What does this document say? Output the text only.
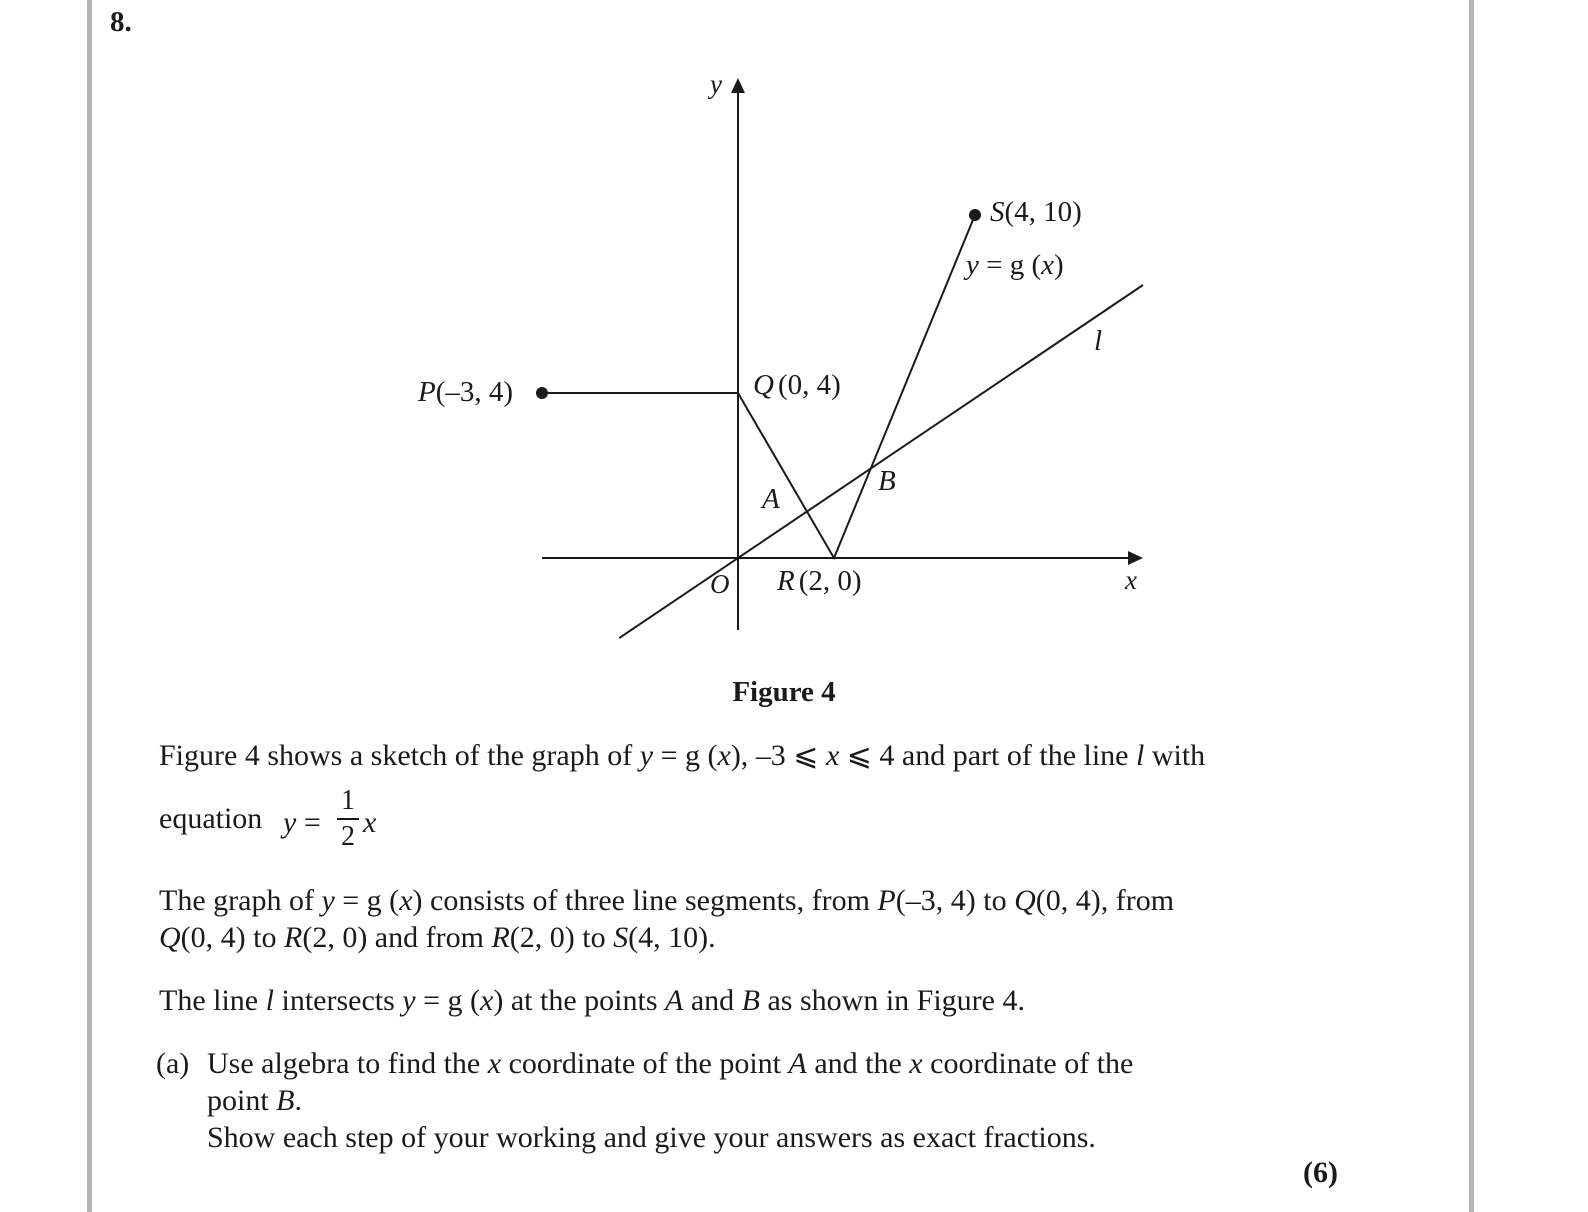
8.
y
x
O
P(–3, 4)	Q (0, 4)
R (2, 0)
S(4, 10)
A
B
y = g (x)
l
Figure 4
Figure 4 shows a sketch of the graph of y = g (x), –3 ⩽ x ⩽ 4 and part of the line l with
equation y =
1
2 x
The graph of y = g (x) consists of three line segments, from P(–3, 4) to Q(0, 4), from
Q(0, 4) to R(2, 0) and from R(2, 0) to S(4, 10).
The line l intersects y = g (x) at the points A and B as shown in Figure 4.
(a) Use algebra to find the x coordinate of the point A and the x coordinate of the
point B.
Show each step of your working and give your answers as exact fractions.
(6)
